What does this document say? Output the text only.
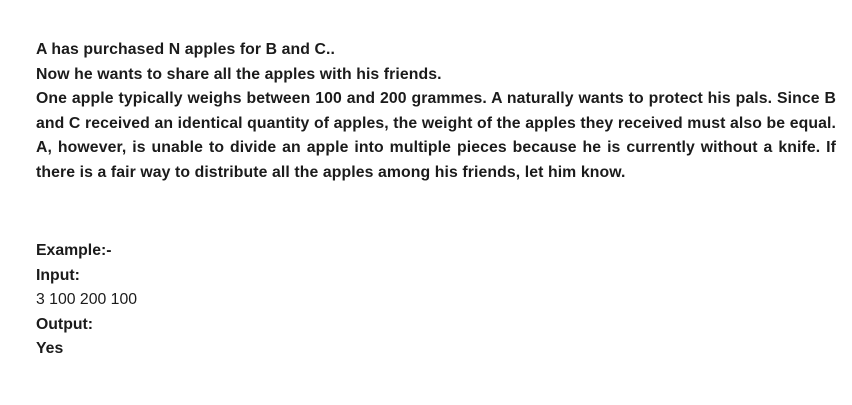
A has purchased N apples for B and C..

Now he wants to share all the apples with his friends.

One apple typically weighs between 100 and 200 grammes. A naturally wants to protect his pals. Since B and C received an identical quantity of apples, the weight of the apples they received must also be equal. A, however, is unable to divide an apple into multiple pieces because he is currently without a knife. If there is a fair way to distribute all the apples among his friends, let him know.

Example:-
Input:
3 100 200 100
Output:
Yes
